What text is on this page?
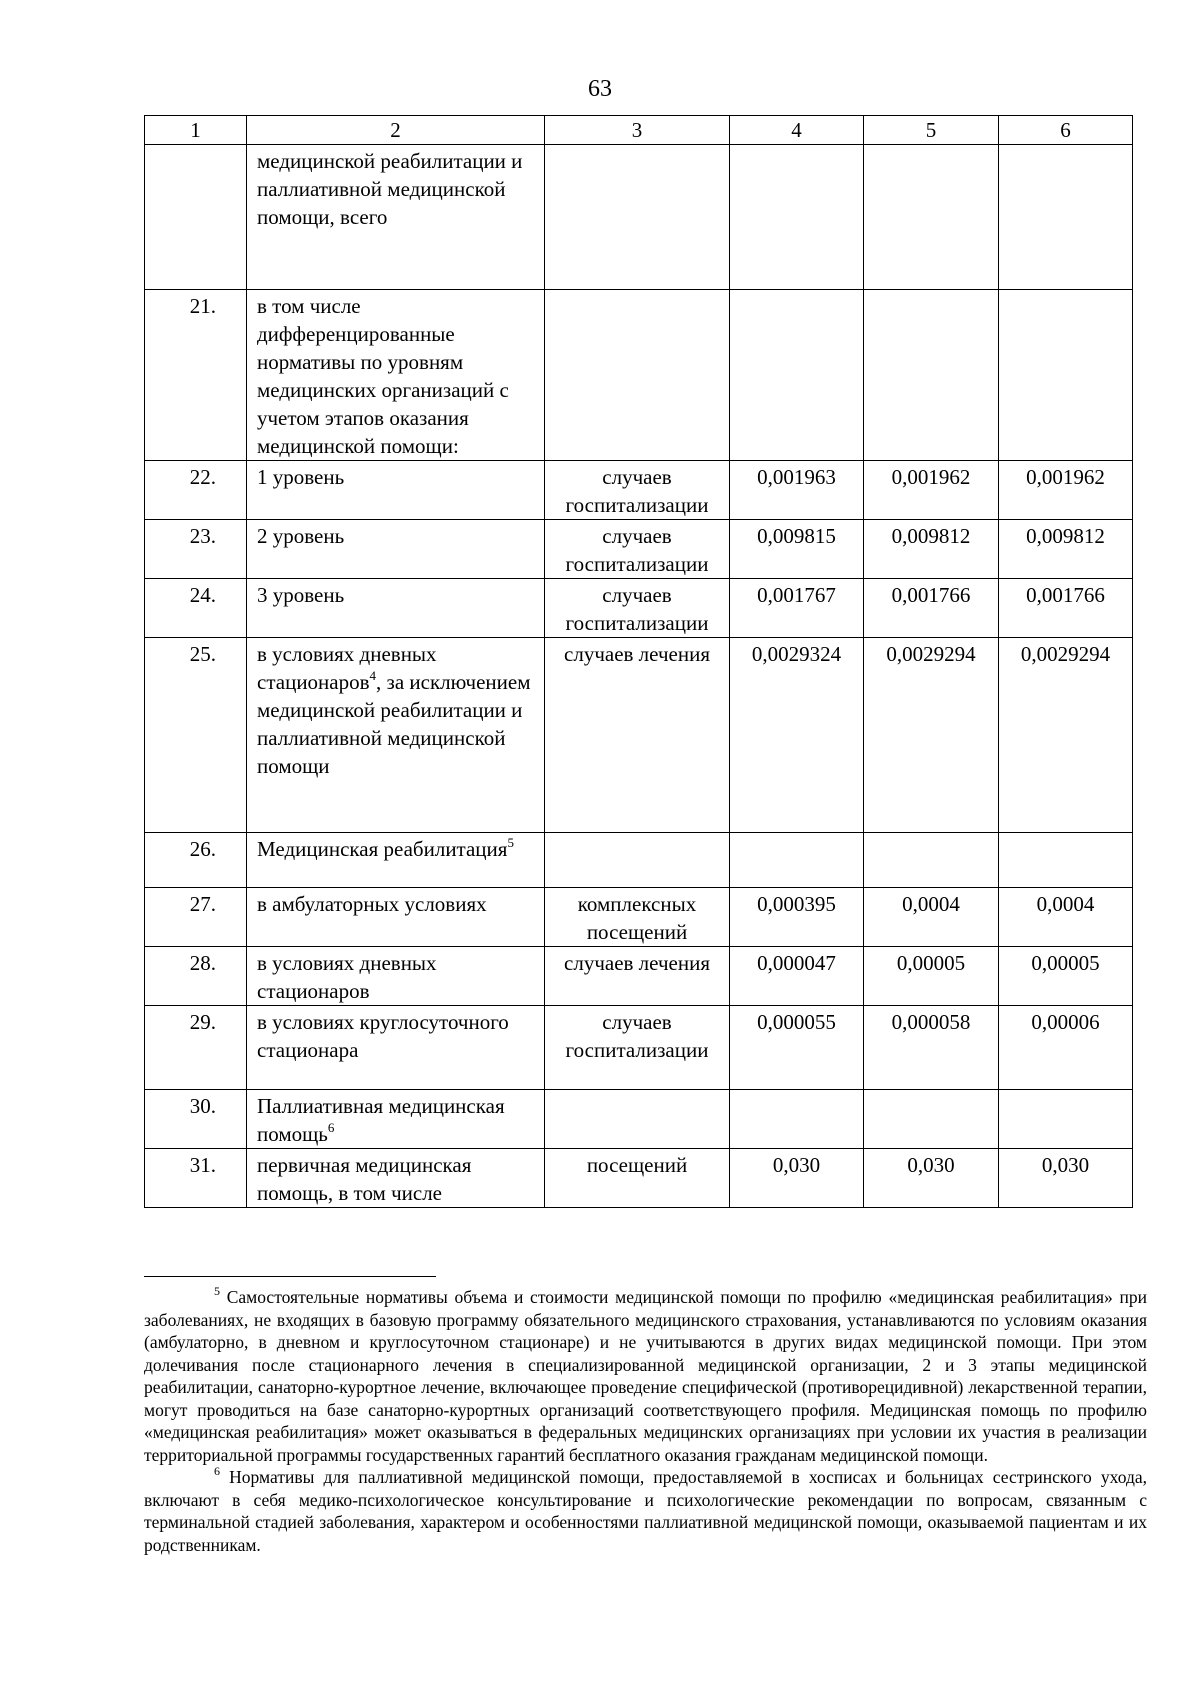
63
1	2	3	4	5	6
	медицинской реабилитации и паллиативной медицинской помощи, всего				
21.	в том числе дифференцированные нормативы по уровням медицинских организаций с учетом этапов оказания медицинской помощи:				
22.	1 уровень	случаев госпитализации	0,001963	0,001962	0,001962
23.	2 уровень	случаев госпитализации	0,009815	0,009812	0,009812
24.	3 уровень	случаев госпитализации	0,001767	0,001766	0,001766
25.	в условиях дневных стационаров$^4$, за исключением медицинской реабилитации и паллиативной медицинской помощи	случаев лечения	0,0029324	0,0029294	0,0029294
26.	Медицинская реабилитация$^5$				
27.	в амбулаторных условиях	комплексных посещений	0,000395	0,0004	0,0004
28.	в условиях дневных стационаров	случаев лечения	0,000047	0,00005	0,00005
29.	в условиях круглосуточного стационара	случаев госпитализации	0,000055	0,000058	0,00006
30.	Паллиативная медицинская помощь$^6$				
31.	первичная медицинская помощь, в том числе	посещений	0,030	0,030	0,030

$^5$ Самостоятельные нормативы объема и стоимости медицинской помощи по профилю «медицинская реабилитация» при заболеваниях, не входящих в базовую программу обязательного медицинского страхования, устанавливаются по условиям оказания (амбулаторно, в дневном и круглосуточном стационаре) и не учитываются в других видах медицинской помощи. При этом долечивания после стационарного лечения в специализированной медицинской организации, 2 и 3 этапы медицинской реабилитации, санаторно-курортное лечение, включающее проведение специфической (противорецидивной) лекарственной терапии, могут проводиться на базе санаторно-курортных организаций соответствующего профиля. Медицинская помощь по профилю «медицинская реабилитация» может оказываться в федеральных медицинских организациях при условии их участия в реализации территориальной программы государственных гарантий бесплатного оказания гражданам медицинской помощи.

$^6$ Нормативы для паллиативной медицинской помощи, предоставляемой в хосписах и больницах сестринского ухода, включают в себя медико-психологическое консультирование и психологические рекомендации по вопросам, связанным с терминальной стадией заболевания, характером и особенностями паллиативной медицинской помощи, оказываемой пациентам и их родственникам.
